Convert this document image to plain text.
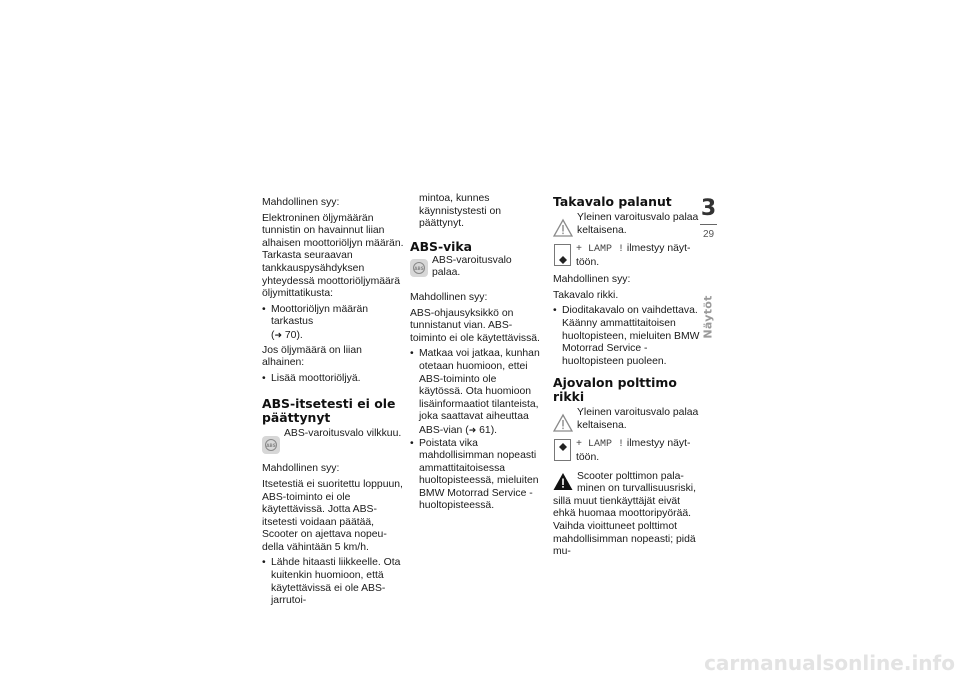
Mahdollinen syy:

Elektroninen öljymäärän tunnistin on havainnut liian alhaisen moottoriöljyn määrän. Tarkasta seuraavan tankkauspysähdyksen yhteydessä moottoriöljymäärä öljymittatikusta:

• Moottoriöljyn määrän tarkastus
(➜ 70).

Jos öljymäärä on liian alhainen:

• Lisää moottoriöljyä.

ABS-itsetesti ei ole päättynyt
ABS
ABS-varoitusvalo vilkkuu.

Mahdollinen syy:

Itsetestiä ei suoritettu loppuun, ABS-toiminto ei ole käytettävissä. Jotta ABS-itsetesti voidaan päätää, Scooter on ajettava nopeudella vähintään 5 km/h.

• Lähde hitaasti liikkeelle. Ota kuitenkin huomioon, että käytettävissä ei ole ABS-jarrutoi-

mintoa, kunnes käynnistystesti on päättynyt.

ABS-vika
ABS
ABS-varoitusvalo palaa.

Mahdollinen syy:

ABS-ohjausyksikkö on tunnistanut vian. ABS-toiminto ei ole käytettävissä.

• Matkaa voi jatkaa, kunhan otetaan huomioon, ettei ABS-toiminto ole käytössä. Ota huomioon lisäinformaatiot tilanteista, joka saattavat aiheuttaa ABS-vian (➜ 61).

• Poistata vika mahdollisimman nopeasti ammattitaitoisessa huoltopisteessä, mieluiten BMW Motorrad Service -huoltopisteessä.

Takavalo palanut
Yleinen varoitusvalo palaa keltaisena.
+ LAMP ! ilmestyy näyttöön.

Mahdollinen syy:

Takavalo rikki.

• Dioditakavalo on vaihdettava. Käänny ammattitaitoisen huoltopisteen, mieluiten BMW Motorrad Service -huoltopisteen puoleen.

Ajovalon polttimo rikki
Yleinen varoitusvalo palaa keltaisena.
+ LAMP ! ilmestyy näyttöön.
Scooter polttimon palaminen on turvallisuusriski,

sillä muut tienkäyttäjät eivät ehkä huomaa moottoripyörää. Vaihda vioittuneet polttimot mahdollisimman nopeasti; pidä mu-

3
29
Näytöt
carmanualsonline.info
